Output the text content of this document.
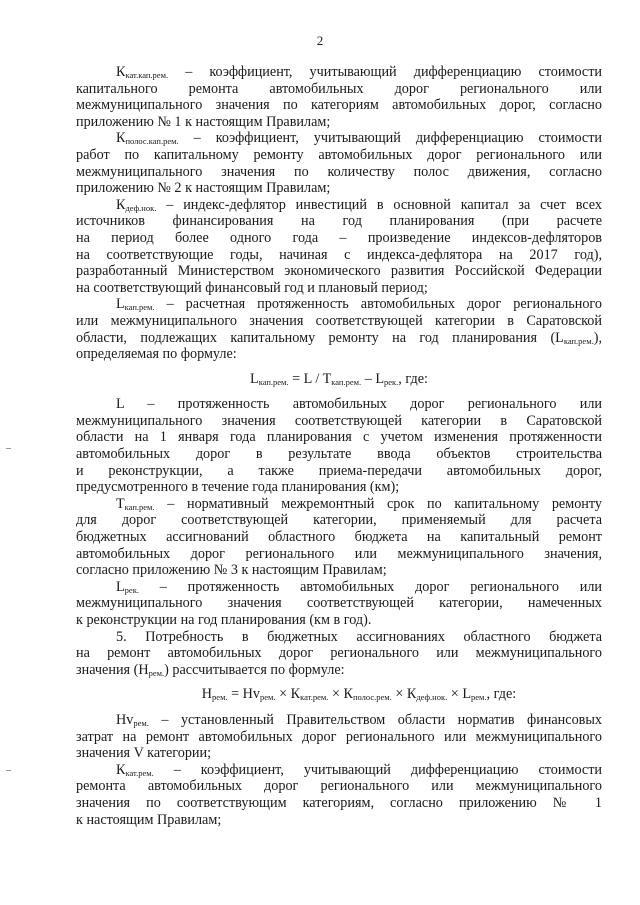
2
$К_{кат.кап.рем.}$ – коэффициент, учитывающий дифференциацию стоимости
капитального ремонта автомобильных дорог регионального или
межмуниципального значения по категориям автомобильных дорог, согласно
приложению № 1 к настоящим Правилам;
$К_{полос.кап.рем.}$ – коэффициент, учитывающий дифференциацию стоимости
работ по капитальному ремонту автомобильных дорог регионального или
межмуниципального значения по количеству полос движения, согласно
приложению № 2 к настоящим Правилам;
$К_{деф.нок.}$ – индекс-дефлятор инвестиций в основной капитал за счет всех
источников финансирования на год планирования (при расчете
на период более одного года – произведение индексов-дефляторов
на соответствующие годы, начиная с индекса-дефлятора на 2017 год),
разработанный Министерством экономического развития Российской Федерации
на соответствующий финансовый год и плановый период;
$L_{кап.рем.}$ – расчетная протяженность автомобильных дорог регионального
или межмуниципального значения соответствующей категории в Саратовской
области, подлежащих капитальному ремонту на год планирования $(L_{кап.рем.})$,
определяемая по формуле:
$L_{кап.рем.} = L / T_{кап.рем.} - L_{рек.}$, где:
L – протяженность автомобильных дорог регионального или
межмуниципального значения соответствующей категории в Саратовской
области на 1 января года планирования с учетом изменения протяженности
автомобильных дорог в результате ввода объектов строительства
и реконструкции, а также приема-передачи автомобильных дорог,
предусмотренного в течение года планирования (км);
$T_{кап.рем.}$ – нормативный межремонтный срок по капитальному ремонту
для дорог соответствующей категории, применяемый для расчета
бюджетных ассигнований областного бюджета на капитальный ремонт
автомобильных дорог регионального или межмуниципального значения,
согласно приложению № 3 к настоящим Правилам;
$L_{рек.}$ – протяженность автомобильных дорог регионального или
межмуниципального значения соответствующей категории, намеченных
к реконструкции на год планирования (км в год).
5. Потребность в бюджетных ассигнованиях областного бюджета
на ремонт автомобильных дорог регионального или межмуниципального
значения $(Н_{рем.})$ рассчитывается по формуле:
$Н_{рем.} = Нv_{рем.} \times К_{кат.рем.} \times К_{полос.рем.} \times К_{деф.нок.} \times L_{рем.}$, где:
$Нv_{рем.}$ – установленный Правительством области норматив финансовых
затрат на ремонт автомобильных дорог регионального или межмуниципального
значения V категории;
$К_{кат.рем.}$ – коэффициент, учитывающий дифференциацию стоимости
ремонта автомобильных дорог регионального или межмуниципального
значения по соответствующим категориям, согласно приложению № 1
к настоящим Правилам;
